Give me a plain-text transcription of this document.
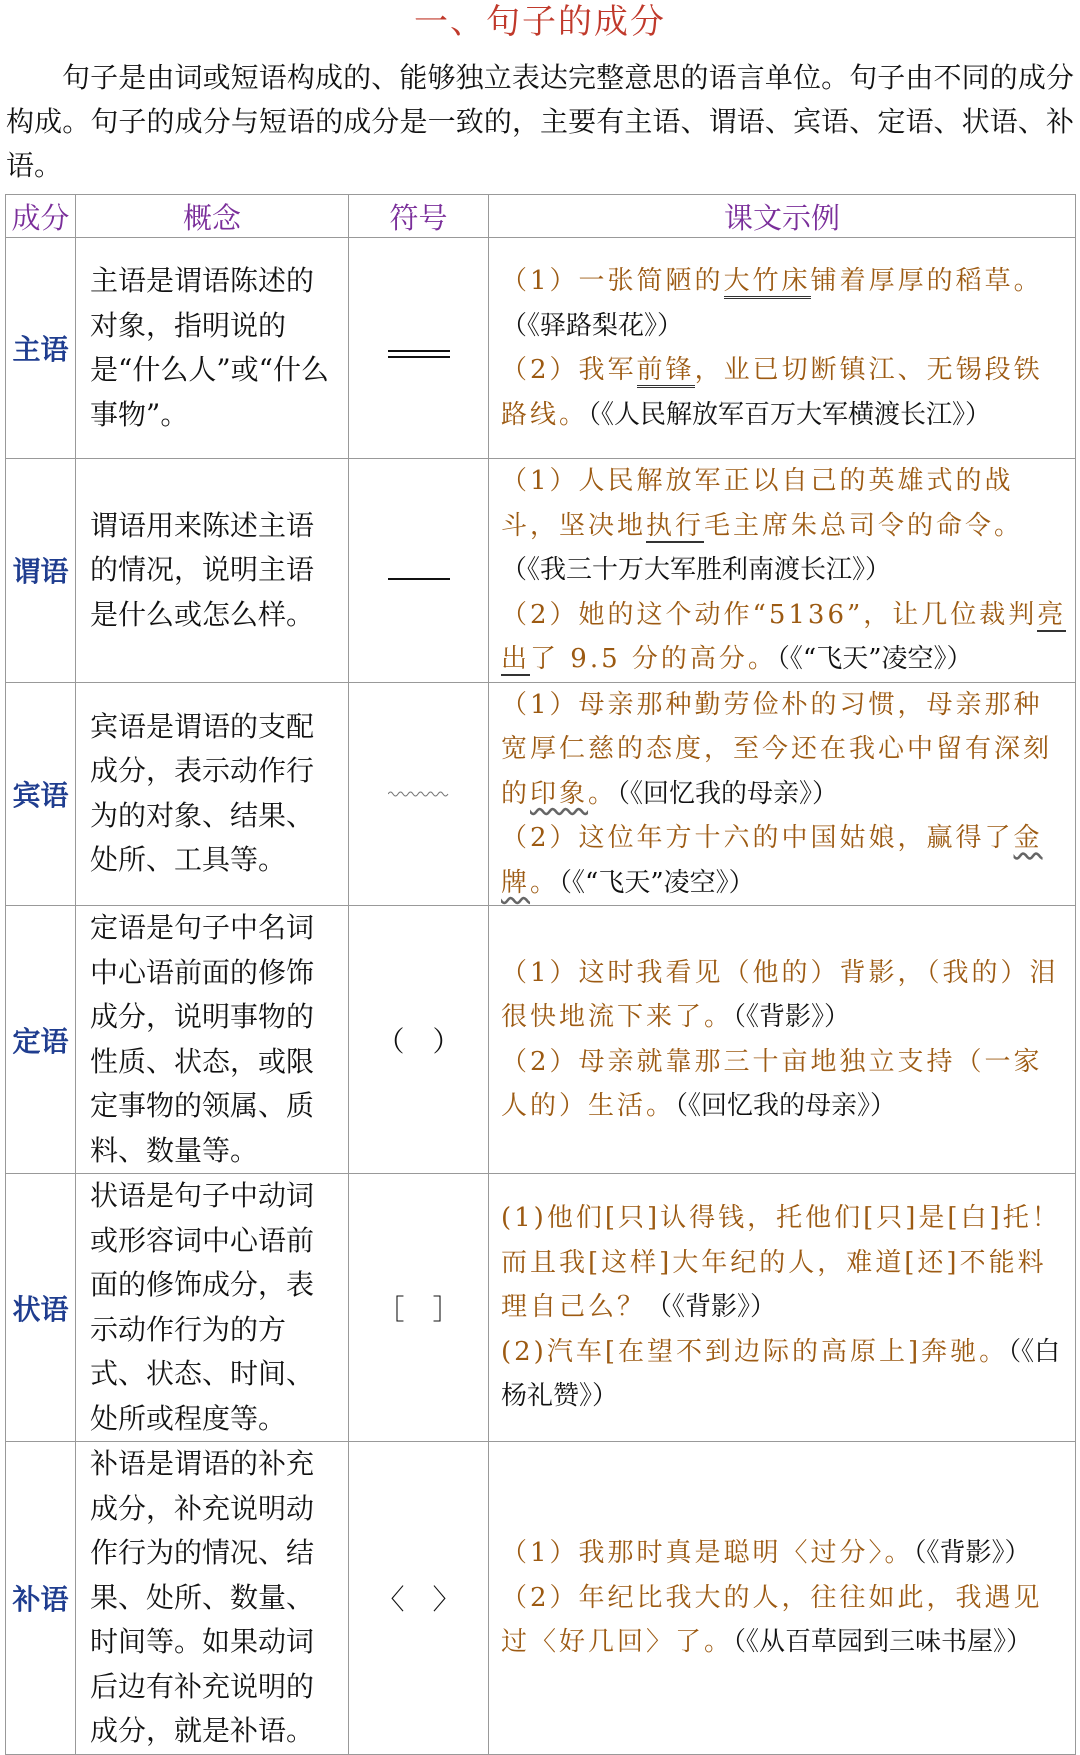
一、句子的成分
句子是由词或短语构成的、能够独立表达完整意思的语言单位。句子由不同的成分构成。句子的成分与短语的成分是一致的，主要有主语、谓语、宾语、定语、状语、补语。
成分	概念	符号	课文示例
主语	主语是谓语陈述的对象，指明说的是“什么人”或“什么事物”。		（1）一张简陋的大竹床铺着厚厚的稻草。（《驿路梨花》）
（2）我军前锋，业已切断镇江、无锡段铁路线。（《人民解放军百万大军横渡长江》）

谓语	谓语用来陈述主语的情况，说明主语是什么或怎么样。		（1）人民解放军正以自己的英雄式的战斗，坚决地执行毛主席朱总司令的命令。（《我三十万大军胜利南渡长江》）
（2）她的这个动作“5136”，让几位裁判亮出了 9.5 分的高分。（《“飞天”凌空》）

宾语	宾语是谓语的支配成分，表示动作行为的对象、结果、处所、工具等。		（1）母亲那种勤劳俭朴的习惯，母亲那种宽厚仁慈的态度，至今还在我心中留有深刻的印象。（《回忆我的母亲》）
（2）这位年方十六的中国姑娘，赢得了金牌。（《“飞天”凌空》）

定语	定语是句子中名词中心语前面的修饰成分，说明事物的性质、状态，或限定事物的领属、质料、数量等。	（　）	（1）这时我看见（他的）背影，（我的）泪很快地流下来了。（《背影》）
（2）母亲就靠那三十亩地独立支持（一家人的）生活。（《回忆我的母亲》）

状语	状语是句子中动词或形容词中心语前面的修饰成分，表示动作行为的方式、状态、时间、处所或程度等。	［　］	(1)他们[只]认得钱，托他们[只]是[白]托！而且我[这样]大年纪的人，难道[还]不能料理自己么？（《背影》）
(2)汽车[在望不到边际的高原上]奔驰。（《白杨礼赞》）

补语	补语是谓语的补充成分，补充说明动作行为的情况、结果、处所、数量、时间等。如果动词后边有补充说明的成分，就是补语。	〈　〉	（1）我那时真是聪明〈过分〉。（《背影》）
（2）年纪比我大的人，往往如此，我遇见过〈好几回〉了。（《从百草园到三味书屋》）
